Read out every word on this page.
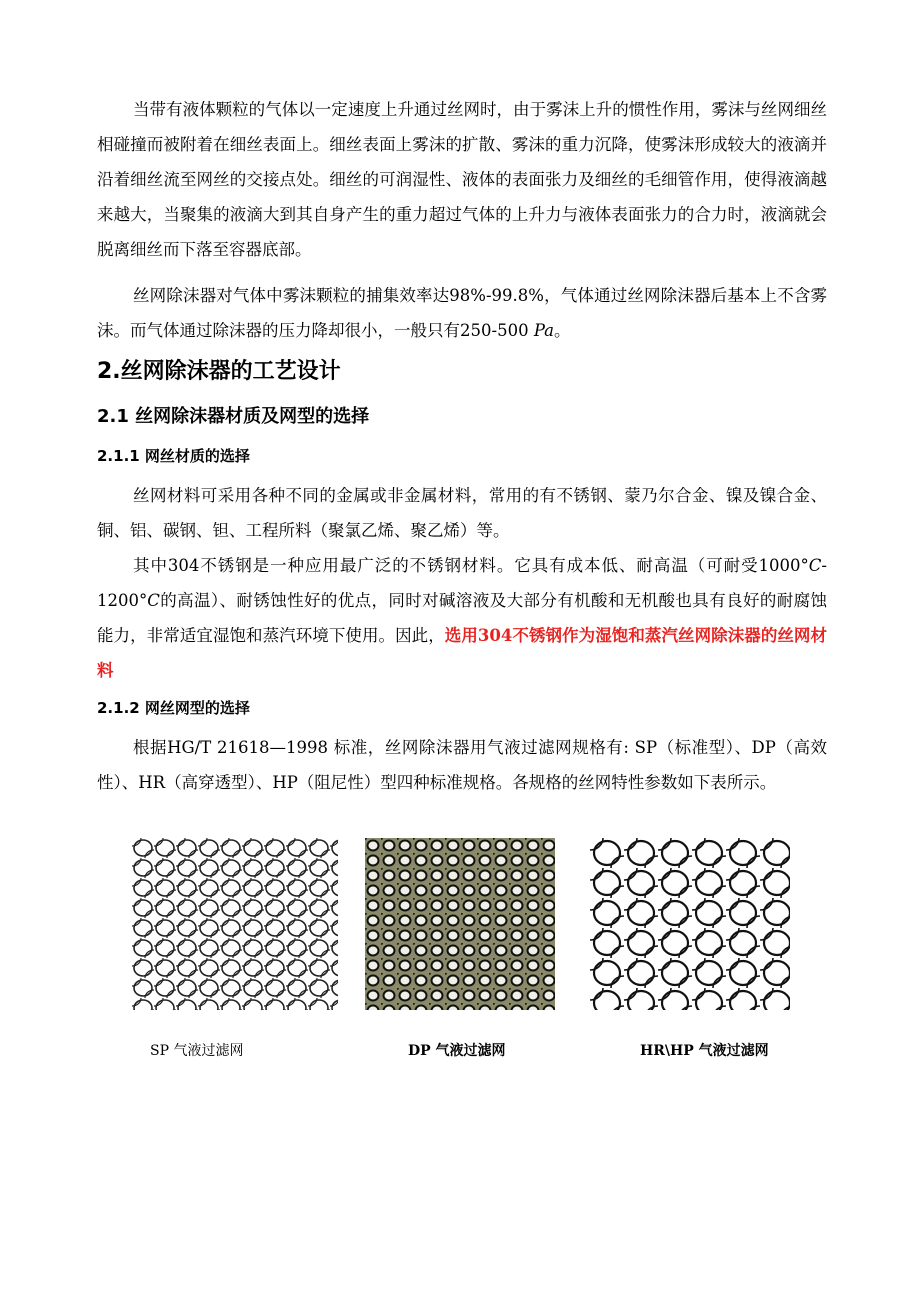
当带有液体颗粒的气体以一定速度上升通过丝网时，由于雾沫上升的惯性作用，雾沫与丝网细丝相碰撞而被附着在细丝表面上。细丝表面上雾沫的扩散、雾沫的重力沉降，使雾沫形成较大的液滴并沿着细丝流至网丝的交接点处。细丝的可润湿性、液体的表面张力及细丝的毛细管作用，使得液滴越来越大，当聚集的液滴大到其自身产生的重力超过气体的上升力与液体表面张力的合力时，液滴就会脱离细丝而下落至容器底部。

丝网除沫器对气体中雾沫颗粒的捕集效率达98%-99.8%，气体通过丝网除沫器后基本上不含雾沫。而气体通过除沫器的压力降却很小，一般只有250-500 Pa。

2.丝网除沫器的工艺设计
2.1 丝网除沫器材质及网型的选择
2.1.1 网丝材质的选择

丝网材料可采用各种不同的金属或非金属材料，常用的有不锈钢、蒙乃尔合金、镍及镍合金、铜、铝、碳钢、钽、工程所料（聚氯乙烯、聚乙烯）等。

其中304不锈钢是一种应用最广泛的不锈钢材料。它具有成本低、耐高温（可耐受1000°C-1200°C的高温）、耐锈蚀性好的优点，同时对碱溶液及大部分有机酸和无机酸也具有良好的耐腐蚀能力，非常适宜湿饱和蒸汽环境下使用。因此，选用304不锈钢作为湿饱和蒸汽丝网除沫器的丝网材料

2.1.2 网丝网型的选择

根据HG/T 21618—1998 标准，丝网除沫器用气液过滤网规格有: SP（标准型）、DP（高效性）、HR（高穿透型）、HP（阻尼性）型四种标准规格。各规格的丝网特性参数如下表所示。

SP 气液过滤网	DP 气液过滤网	HR\HP 气液过滤网
